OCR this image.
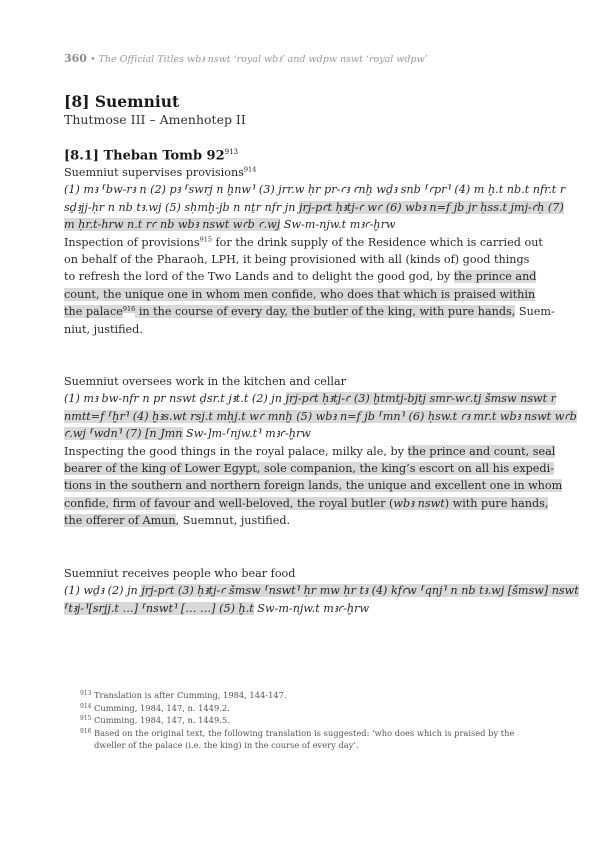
360 • The Official Titles wbꜣ nswt ‘royal wbꜣ’ and wdpw nswt ‘royal wdpw’
[8] Suemniut
Thutmose III – Amenhotep II
[8.1] Theban Tomb $92^{913}$
Suemniut supervises provisions$^{914}$
(1) mꜣ ⸢bw-rꜣ n (2) pꜣ ⸢swrj n ḫnw⸣ (3) jrr.w ḥr pr-ꜥꜣ ꜥnḫ wḏꜣ snb ⸢ꜥpr⸣ (4) m ḫ.t nb.t nfr.t r
sḏꜣjj-ḥr n nb tꜣ.wj (5) sḥmḫ-jb n nṯr nfr jn jrj-pꜥt ḥꜣtj-ꜥ wꜥ (6) wbꜣ n=f jb jr ḥss.t jmj-ꜥḥ (7)
m ḥr.t-hrw n.t rꜥ nb wbꜣ nswt wꜥb ꜥ.wj Sw-m-njw.t mꜣꜥ-ḫrw
Inspection of provisions$^{915}$ for the drink supply of the Residence which is carried out
on behalf of the Pharaoh, LPH, it being provisioned with all (kinds of) good things
to refresh the lord of the Two Lands and to delight the good god, by the prince and
count, the unique one in whom men confide, who does that which is praised within
the palace$^{916}$ in the course of every day, the butler of the king, with pure hands, Suem-
niut, justified.
Suemniut oversees work in the kitchen and cellar
(1) mꜣ bw-nfr n pr nswt ḏsr.t jꜣt.t (2) jn jrj-pꜥt ḥꜣtj-ꜥ (3) ḫtmtj-bjtj smr-wꜥ.tj šmsw nswt r
nmtt=f ⸢ḫr⸣ (4) ḫꜣs.wt rsj.t mḥj.t wꜥ mnḫ (5) wbꜣ n=f jb ⸢mn⸣ (6) ḥsw.t ꜥꜣ mr.t wbꜣ nswt wꜥb
ꜥ.wj ⸢wdn⸣ (7) [n Jmn Sw-]m-⸢njw.t⸣ mꜣꜥ-ḫrw
Inspecting the good things in the royal palace, milky ale, by the prince and count, seal
bearer of the king of Lower Egypt, sole companion, the king’s escort on all his expedi-
tions in the southern and northern foreign lands, the unique and excellent one in whom
confide, firm of favour and well-beloved, the royal butler (wbꜣ nswt) with pure hands,
the offerer of Amun, Suemnut, justified.
Suemniut receives people who bear food
(1) wḏꜣ (2) jn jrj-pꜥt (3) ḥꜣtj-ꜥ šmsw ⸢nswt⸣ ḥr mw ḥr tꜣ (4) kfꜥw ⸢qnj⸣ n nb tꜣ.wj [šmsw] nswt
⸢tꜣj-⸣[srjj.t …] ⸢nswt⸣ [… …] (5) ḫ.t Sw-m-njw.t mꜣꜥ-ḫrw
913 Translation is after Cumming, 1984, 144-147.
914 Cumming, 1984, 147, n. 1449.2.
915 Cumming, 1984, 147, n. 1449.5.
916 Based on the original text, the following translation is suggested: ‘who does which is praised by the dweller of the palace (i.e. the king) in the course of every day’.
